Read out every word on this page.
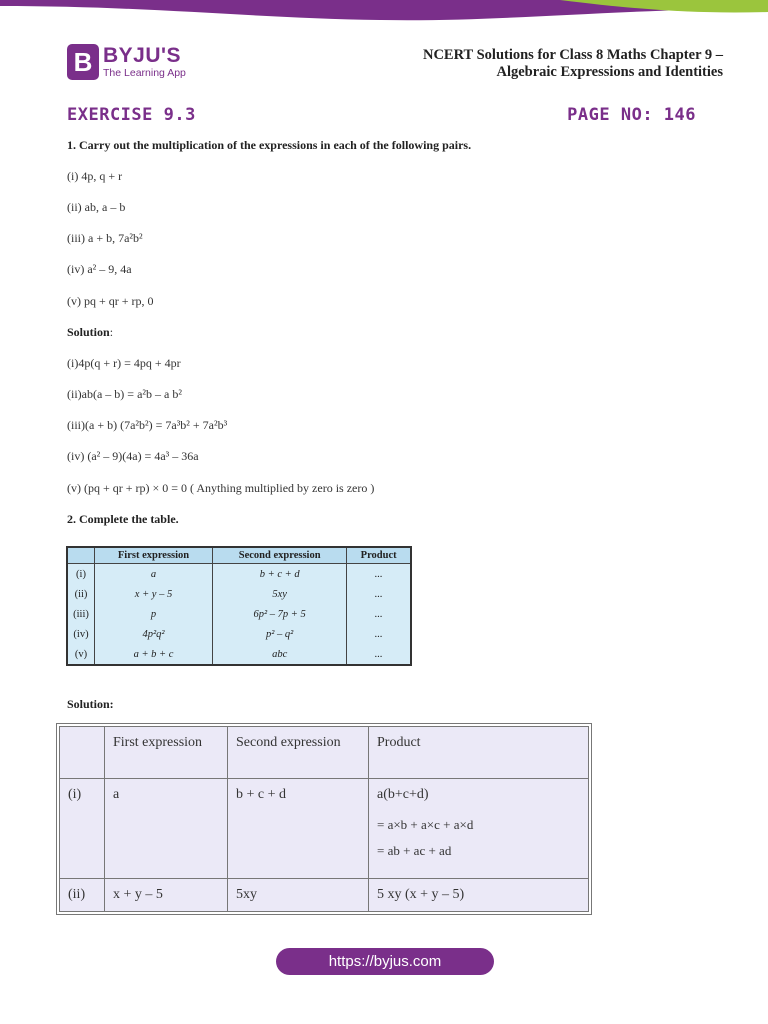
B BYJU'S
The Learning App
NCERT Solutions for Class 8 Maths Chapter 9 –
Algebraic Expressions and Identities
EXERCISE 9.3	PAGE NO: 146
1. Carry out the multiplication of the expressions in each of the following pairs.
(i) 4p, q + r
(ii) ab, a – b
(iii) a + b, 7a²b²
(iv) a² – 9, 4a
(v) pq + qr + rp, 0
Solution:
(i)4p(q + r) = 4pq + 4pr
(ii)ab(a – b) = a²b – a b²
(iii)(a + b) (7a²b²) = 7a³b² + 7a²b³
(iv) (a² – 9)(4a) = 4a³ – 36a
(v) (pq + qr + rp) × 0 = 0 ( Anything multiplied by zero is zero )
2. Complete the table.
	First expression	Second expression	Product
(i)	a	b + c + d	...
(ii)	x + y – 5	5xy	...
(iii)	p	6p² – 7p + 5	...
(iv)	4p²q²	p² – q²	...
(v)	a + b + c	abc	...
Solution:
	First expression	Second expression	Product
(i)	a	b + c + d	a(b+c+d)
= a×b + a×c + a×d
= ab + ac + ad

(ii)	x + y – 5	5xy	5 xy (x + y – 5)
https://byjus.com
